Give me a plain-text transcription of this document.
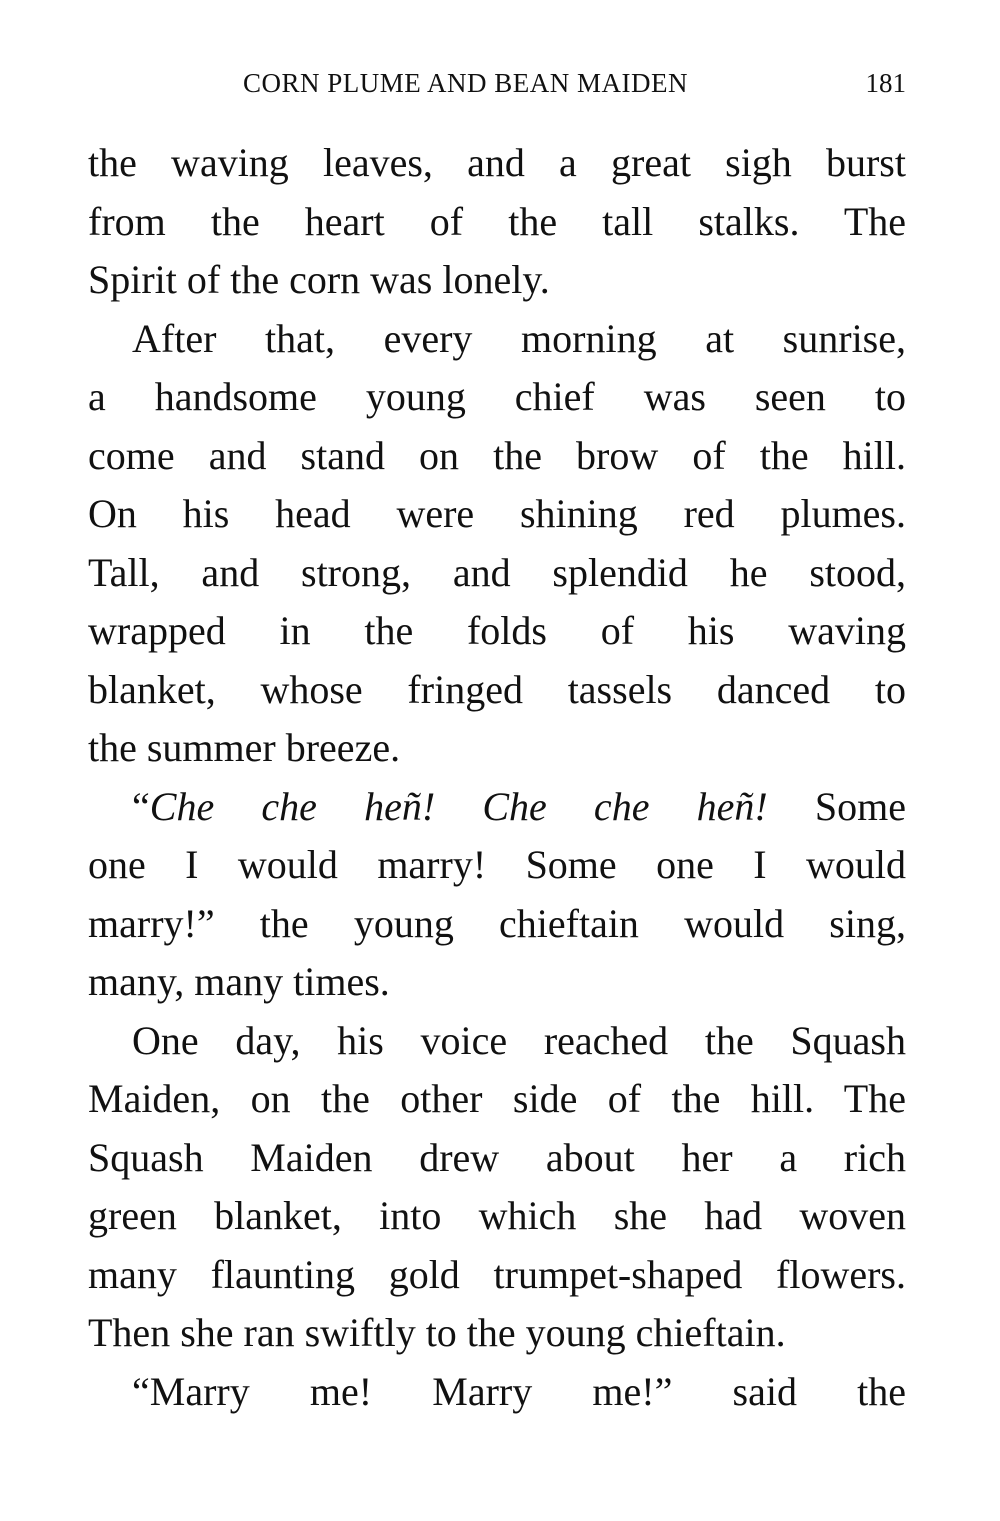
CORN PLUME AND BEAN MAIDEN	181
the waving leaves, and a great sigh burst
from the heart of the tall stalks. The
Spirit of the corn was lonely.
After that, every morning at sunrise,
a handsome young chief was seen to
come and stand on the brow of the hill.
On his head were shining red plumes.
Tall, and strong, and splendid he stood,
wrapped in the folds of his waving
blanket, whose fringed tassels danced to
the summer breeze.
“Che che heñ! Che che heñ! Some
one I would marry! Some one I would
marry!” the young chieftain would sing,
many, many times.
One day, his voice reached the Squash
Maiden, on the other side of the hill. The
Squash Maiden drew about her a rich
green blanket, into which she had woven
many flaunting gold trumpet-shaped flowers.
Then she ran swiftly to the young chieftain.
“Marry me! Marry me!” said the
